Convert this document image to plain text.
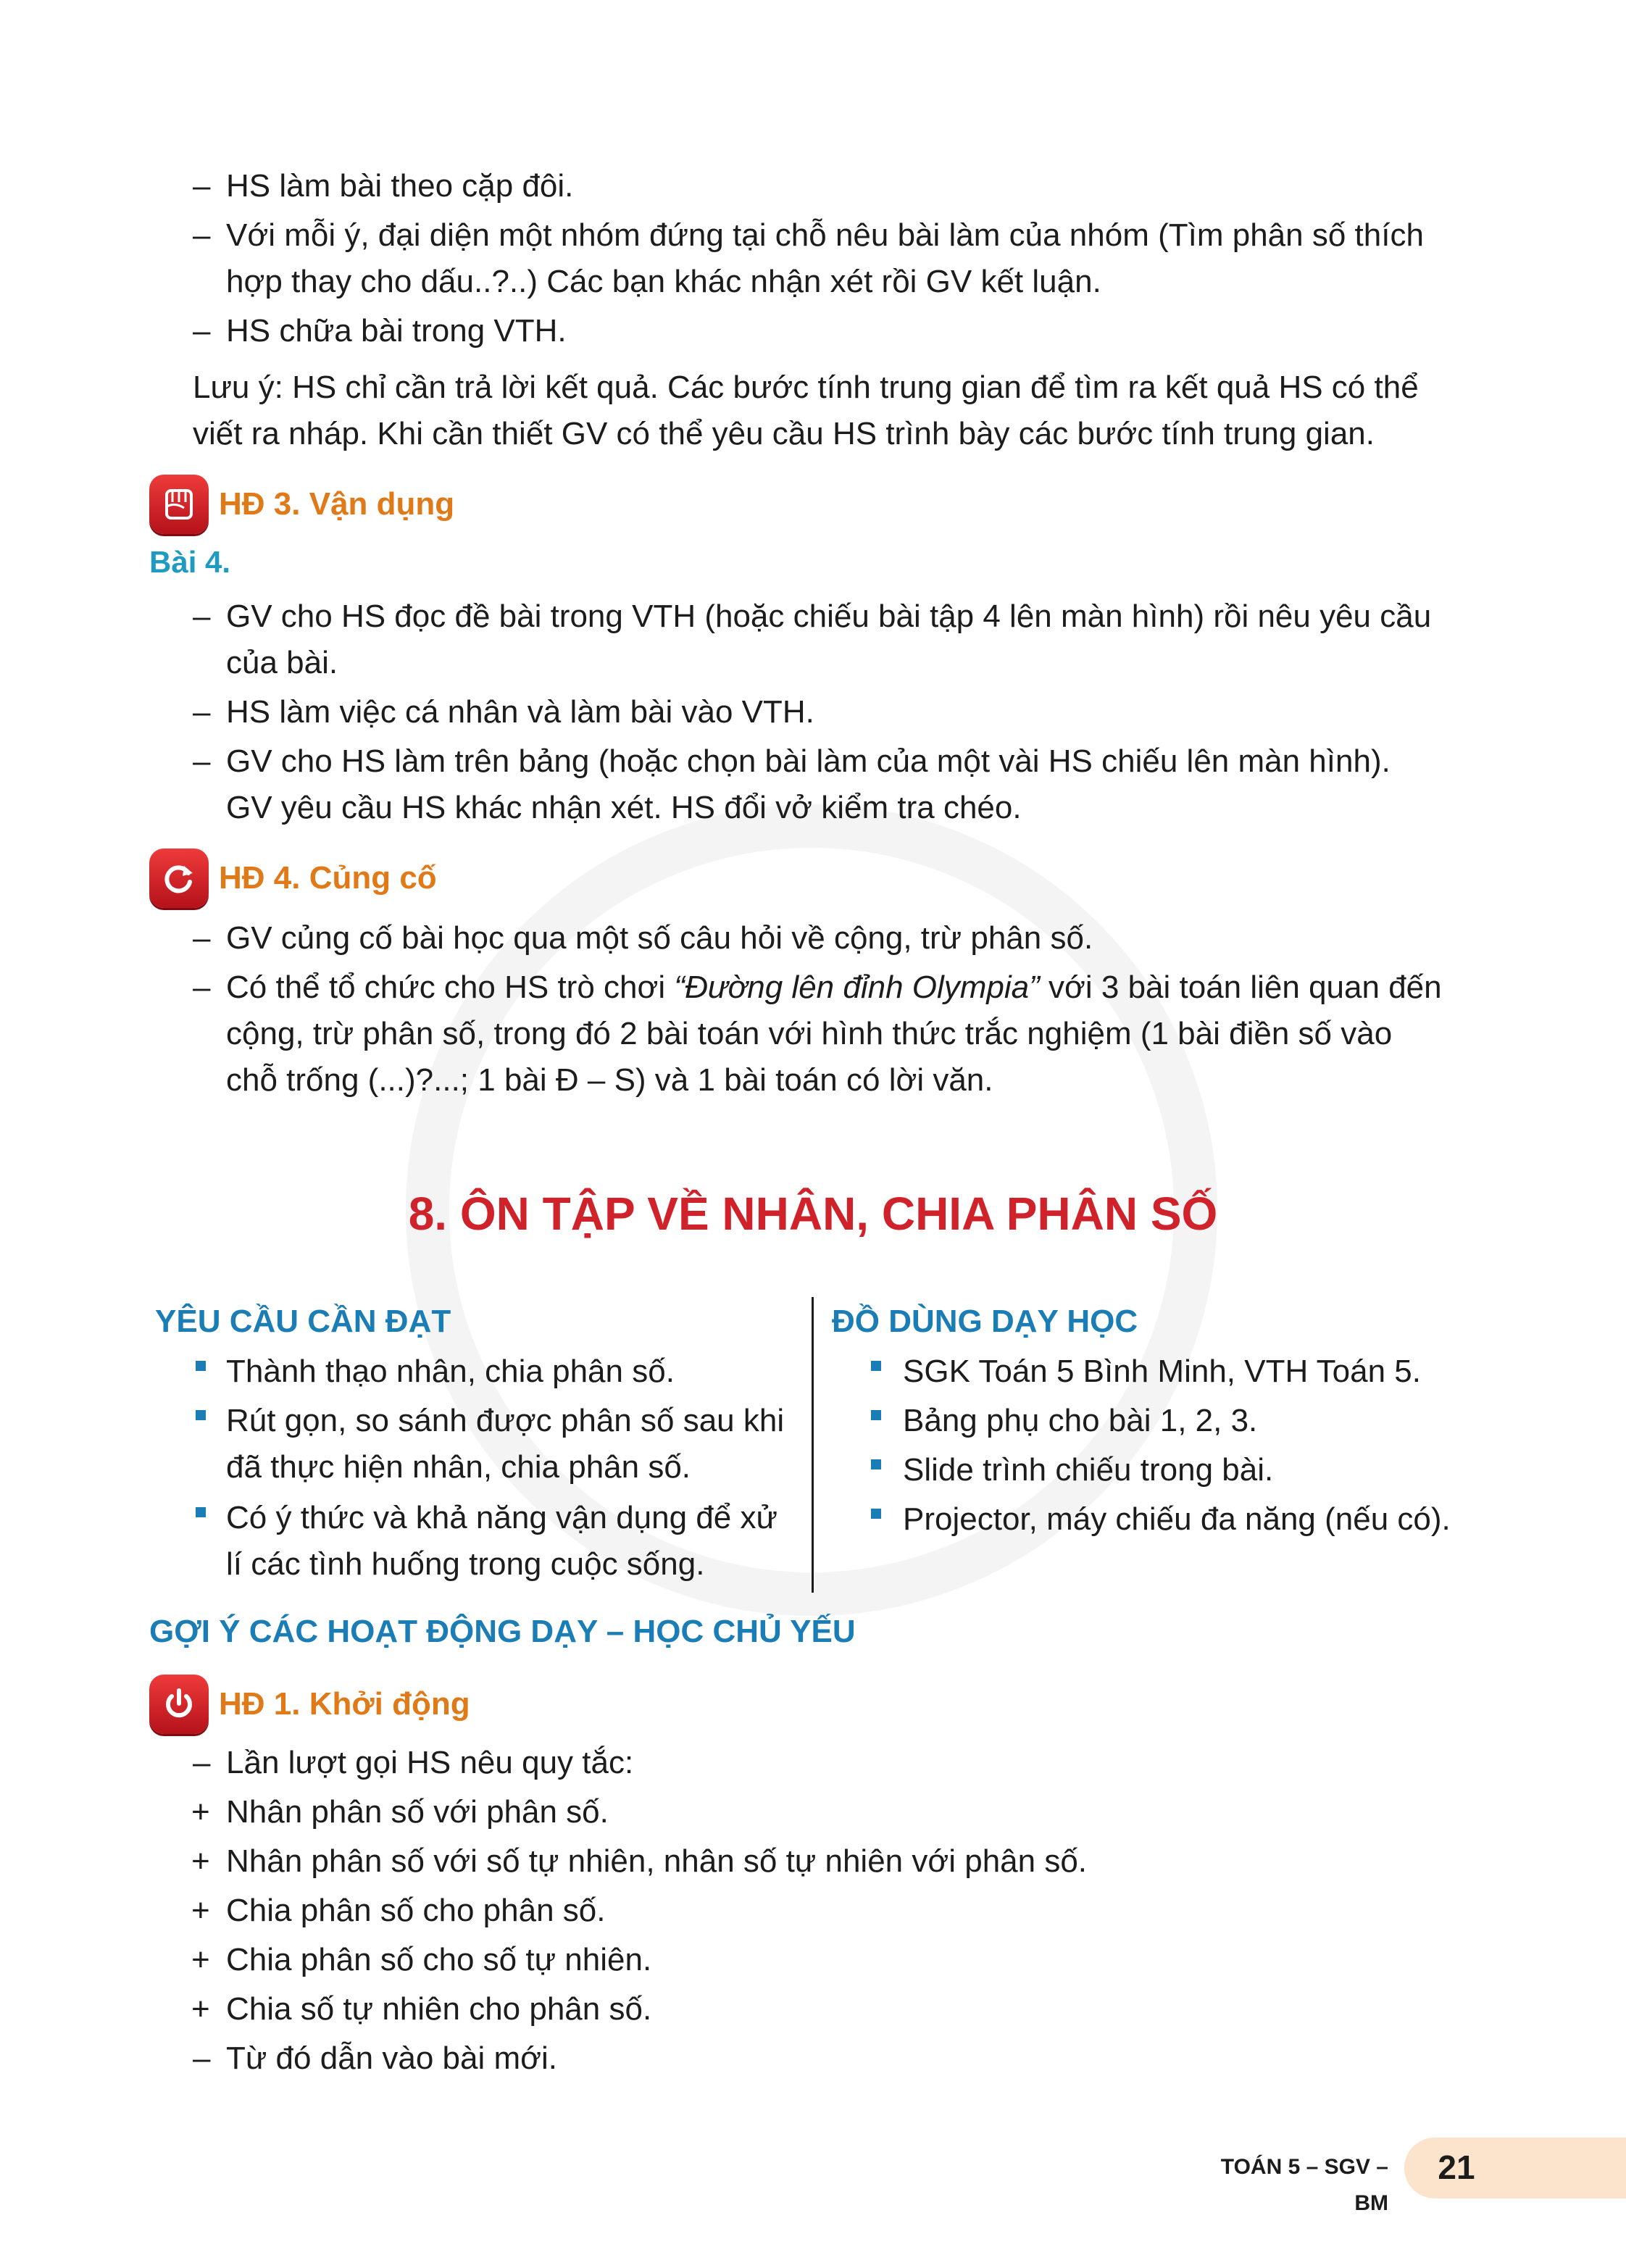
– HS làm bài theo cặp đôi.
– Với mỗi ý, đại diện một nhóm đứng tại chỗ nêu bài làm của nhóm (Tìm phân số thích
hợp thay cho dấu..?..) Các bạn khác nhận xét rồi GV kết luận.
– HS chữa bài trong VTH.
Lưu ý: HS chỉ cần trả lời kết quả. Các bước tính trung gian để tìm ra kết quả HS có thể
viết ra nháp. Khi cần thiết GV có thể yêu cầu HS trình bày các bước tính trung gian.
HĐ 3. Vận dụng
Bài 4.
– GV cho HS đọc đề bài trong VTH (hoặc chiếu bài tập 4 lên màn hình) rồi nêu yêu cầu
của bài.
– HS làm việc cá nhân và làm bài vào VTH.
– GV cho HS làm trên bảng (hoặc chọn bài làm của một vài HS chiếu lên màn hình).
GV yêu cầu HS khác nhận xét. HS đổi vở kiểm tra chéo.
HĐ 4. Củng cố
– GV củng cố bài học qua một số câu hỏi về cộng, trừ phân số.
– Có thể tổ chức cho HS trò chơi “Đường lên đỉnh Olympia” với 3 bài toán liên quan đến
cộng, trừ phân số, trong đó 2 bài toán với hình thức trắc nghiệm (1 bài điền số vào
chỗ trống (...)?...; 1 bài Đ – S) và 1 bài toán có lời văn.
8. ÔN TẬP VỀ NHÂN, CHIA PHÂN SỐ
YÊU CẦU CẦN ĐẠT
Thành thạo nhân, chia phân số.
Rút gọn, so sánh được phân số sau khi
đã thực hiện nhân, chia phân số.
Có ý thức và khả năng vận dụng để xử
lí các tình huống trong cuộc sống.
ĐỒ DÙNG DẠY HỌC
SGK Toán 5 Bình Minh, VTH Toán 5.
Bảng phụ cho bài 1, 2, 3.
Slide trình chiếu trong bài.
Projector, máy chiếu đa năng (nếu có).
GỢI Ý CÁC HOẠT ĐỘNG DẠY – HỌC CHỦ YẾU
HĐ 1. Khởi động
– Lần lượt gọi HS nêu quy tắc:
+ Nhân phân số với phân số.
+ Nhân phân số với số tự nhiên, nhân số tự nhiên với phân số.
+ Chia phân số cho phân số.
+ Chia phân số cho số tự nhiên.
+ Chia số tự nhiên cho phân số.
– Từ đó dẫn vào bài mới.
TOÁN 5 – SGV – BM
21
